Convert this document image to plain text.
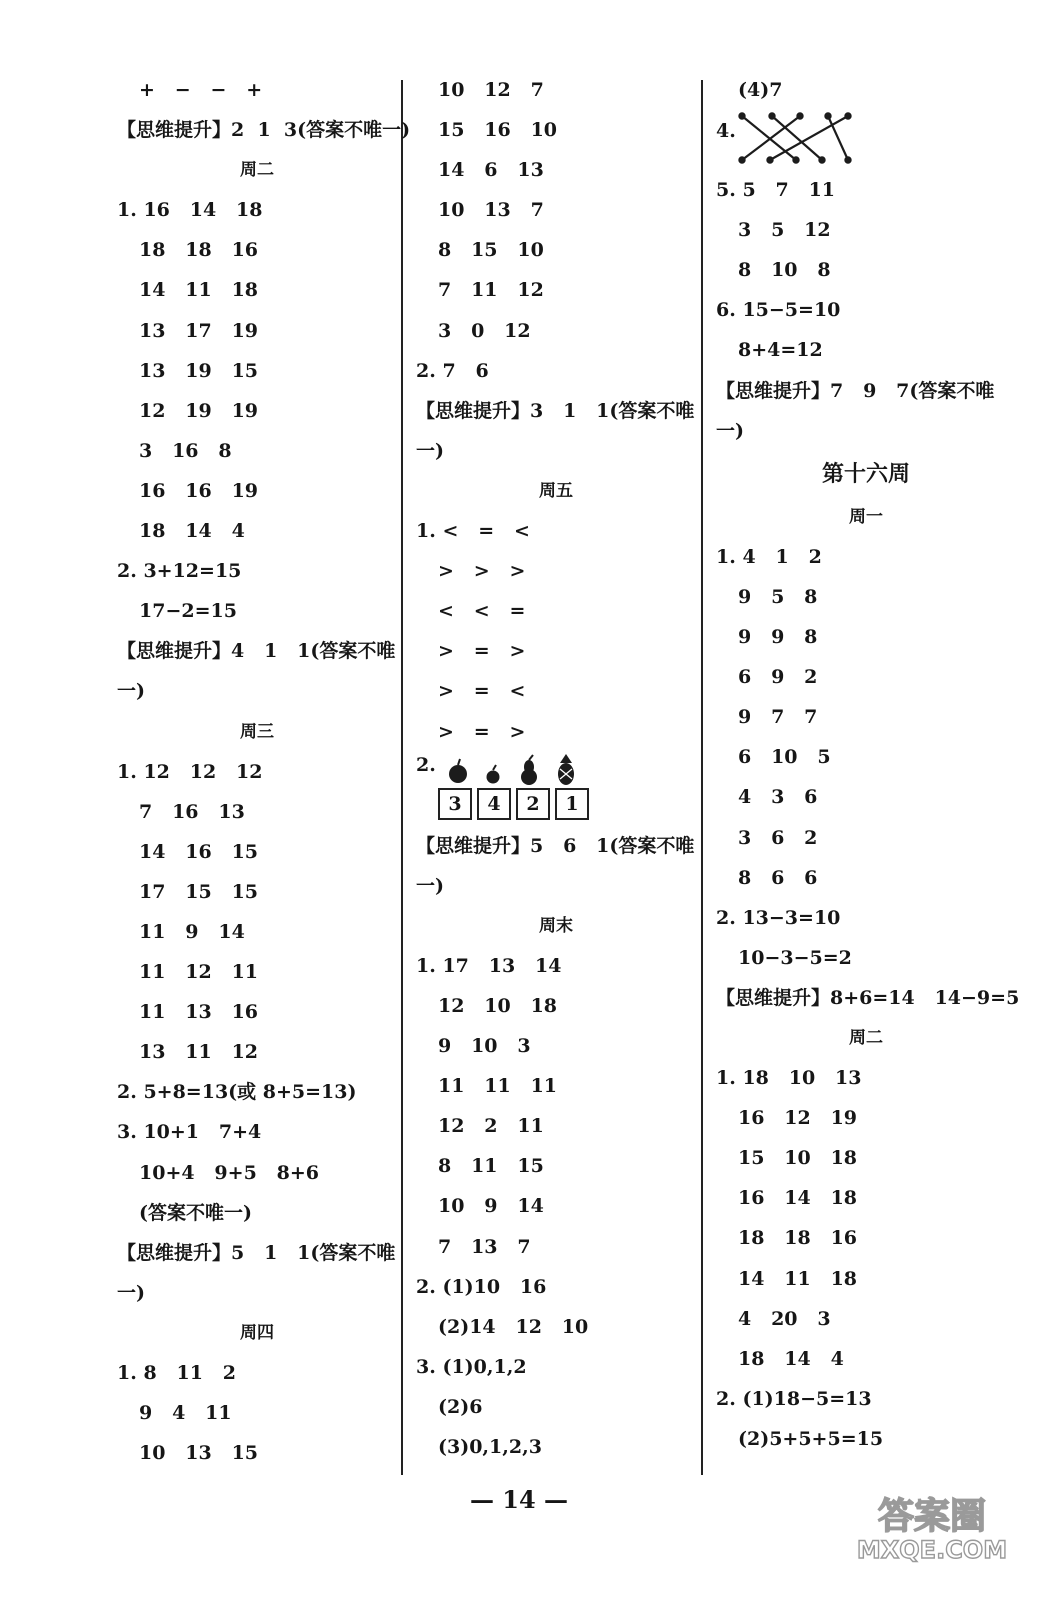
+   −   −   +
【思维提升】2  1  3(答案不唯一)
周二
1. 16   14   18
18   18   16
14   11   18
13   17   19
13   19   15
12   19   19
3   16   8
16   16   19
18   14   4
2. 3+12=15
17−2=15
【思维提升】4   1   1(答案不唯
一)
周三
1. 12   12   12
7   16   13
14   16   15
17   15   15
11   9   14
11   12   11
11   13   16
13   11   12
2. 5+8=13(或 8+5=13)
3. 10+1   7+4
10+4   9+5   8+6
(答案不唯一)
【思维提升】5   1   1(答案不唯
一)
周四
1. 8   11   2
9   4   11
10   13   15
10   12   7
15   16   10
14   6   13
10   13   7
8   15   10
7   11   12
3   0   12
2. 7   6
【思维提升】3   1   1(答案不唯
一)
周五
1. <   =   <
>   >   >
<   <   =
>   =   >
>   =   <
>   =   >
2.
3	4	2	1
【思维提升】5   6   1(答案不唯
一)
周末
1. 17   13   14
12   10   18
9   10   3
11   11   11
12   2   11
8   11   15
10   9   14
7   13   7
2. (1)10   16
(2)14   12   10
3. (1)0,1,2
(2)6
(3)0,1,2,3
(4)7
4.
5. 5   7   11
3   5   12
8   10   8
6. 15−5=10
8+4=12
【思维提升】7   9   7(答案不唯
一)
第十六周
周一
1. 4   1   2
9   5   8
9   9   8
6   9   2
9   7   7
6   10   5
4   3   6
3   6   2
8   6   6
2. 13−3=10
10−3−5=2
【思维提升】8+6=14   14−9=5
周二
1. 18   10   13
16   12   19
15   10   18
16   14   18
18   18   16
14   11   18
4   20   3
18   14   4
2. (1)18−5=13
(2)5+5+5=15
— 14 —	答案圈
MXQE.COM
